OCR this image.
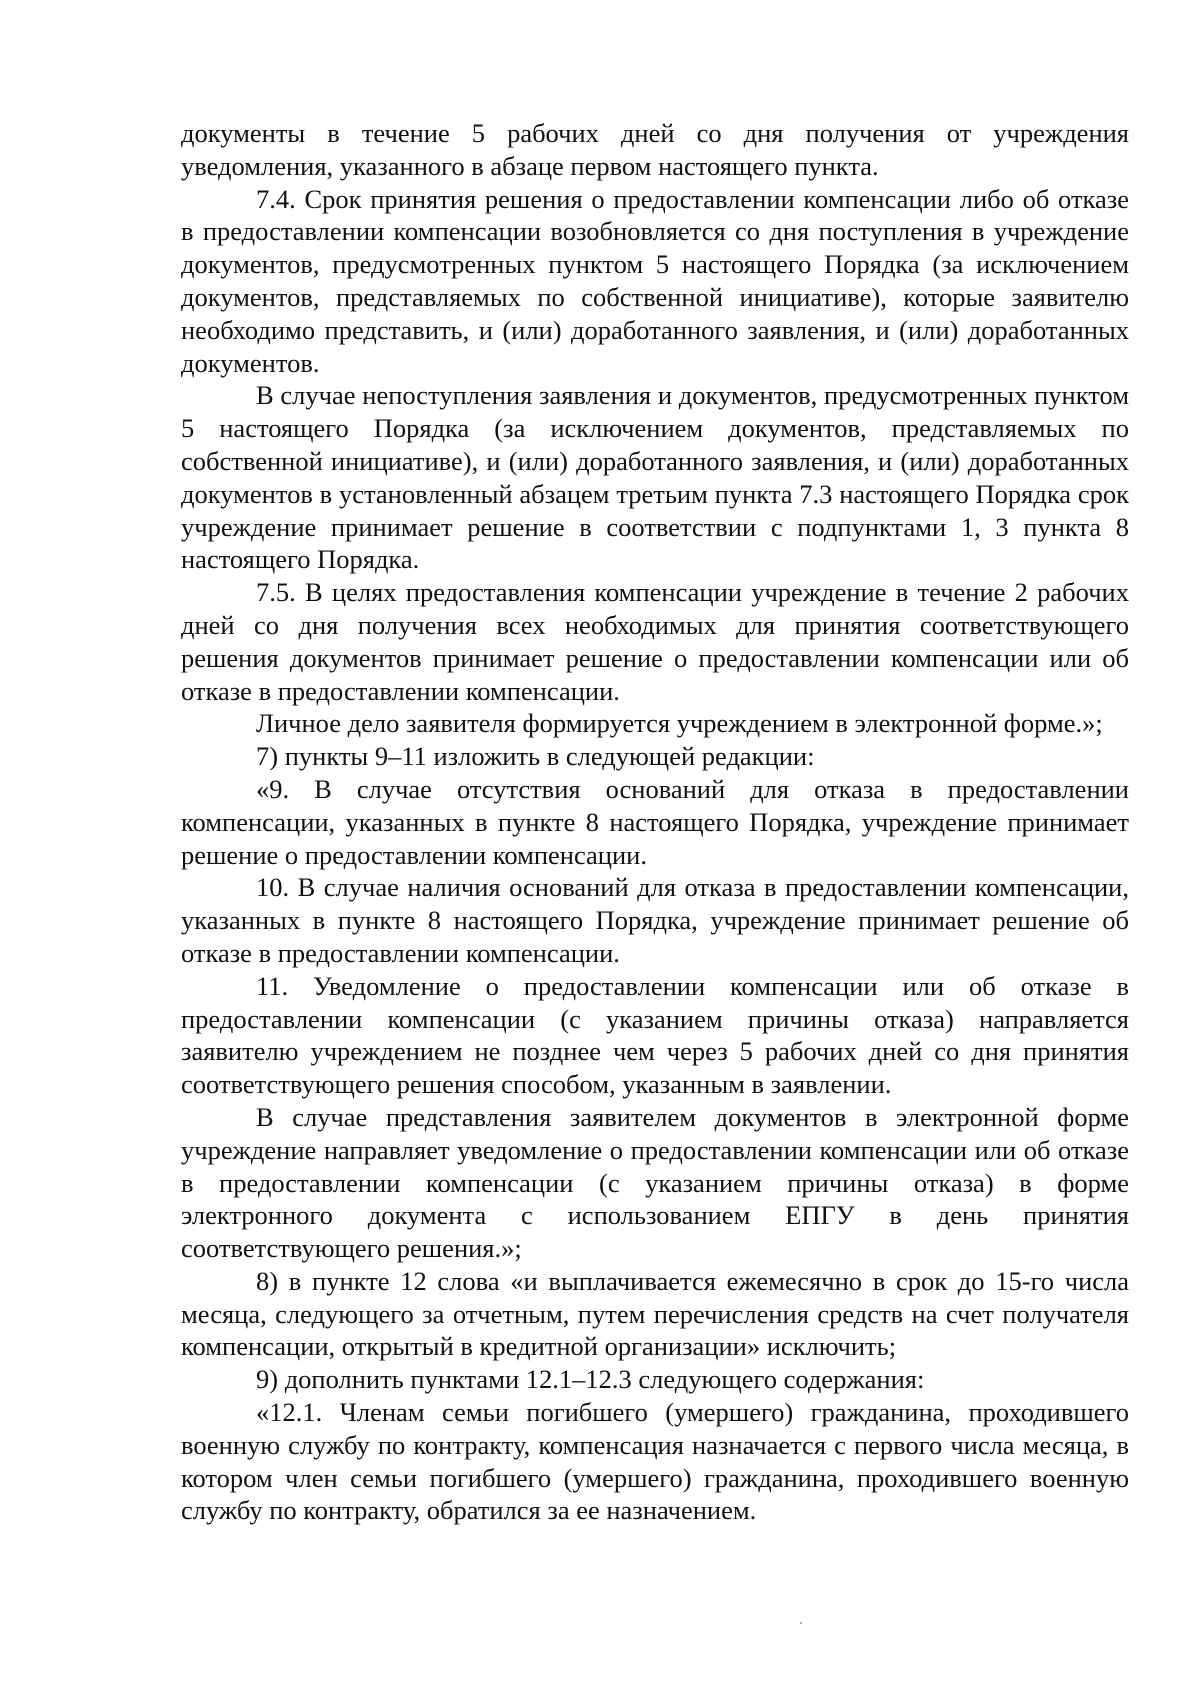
документы в течение 5 рабочих дней со дня получения от учреждения уведомления, указанного в абзаце первом настоящего пункта.

7.4. Срок принятия решения о предоставлении компенсации либо об отказе в предоставлении компенсации возобновляется со дня поступления в учреждение документов, предусмотренных пунктом 5 настоящего Порядка (за исключением документов, представляемых по собственной инициативе), которые заявителю необходимо представить, и (или) доработанного заявления, и (или) доработанных документов.

В случае непоступления заявления и документов, предусмотренных пунктом 5 настоящего Порядка (за исключением документов, представляемых по собственной инициативе), и (или) доработанного заявления, и (или) доработанных документов в установленный абзацем третьим пункта 7.3 настоящего Порядка срок учреждение принимает решение в соответствии с подпунктами 1, 3 пункта 8 настоящего Порядка.

7.5. В целях предоставления компенсации учреждение в течение 2 рабочих дней со дня получения всех необходимых для принятия соответствующего решения документов принимает решение о предоставлении компенсации или об отказе в предоставлении компенсации.

Личное дело заявителя формируется учреждением в электронной форме.»;

7) пункты 9–11 изложить в следующей редакции:

«9. В случае отсутствия оснований для отказа в предоставлении компенсации, указанных в пункте 8 настоящего Порядка, учреждение принимает решение о предоставлении компенсации.

10. В случае наличия оснований для отказа в предоставлении компенсации, указанных в пункте 8 настоящего Порядка, учреждение принимает решение об отказе в предоставлении компенсации.

11. Уведомление о предоставлении компенсации или об отказе в предоставлении компенсации (с указанием причины отказа) направляется заявителю учреждением не позднее чем через 5 рабочих дней со дня принятия соответствующего решения способом, указанным в заявлении.

В случае представления заявителем документов в электронной форме учреждение направляет уведомление о предоставлении компенсации или об отказе в предоставлении компенсации (с указанием причины отказа) в форме электронного документа с использованием ЕПГУ в день принятия соответствующего решения.»;

8) в пункте 12 слова «и выплачивается ежемесячно в срок до 15-го числа месяца, следующего за отчетным, путем перечисления средств на счет получателя компенсации, открытый в кредитной организации» исключить;

9) дополнить пунктами 12.1–12.3 следующего содержания:

«12.1. Членам семьи погибшего (умершего) гражданина, проходившего военную службу по контракту, компенсация назначается с первого числа месяца, в котором член семьи погибшего (умершего) гражданина, проходившего военную службу по контракту, обратился за ее назначением.
